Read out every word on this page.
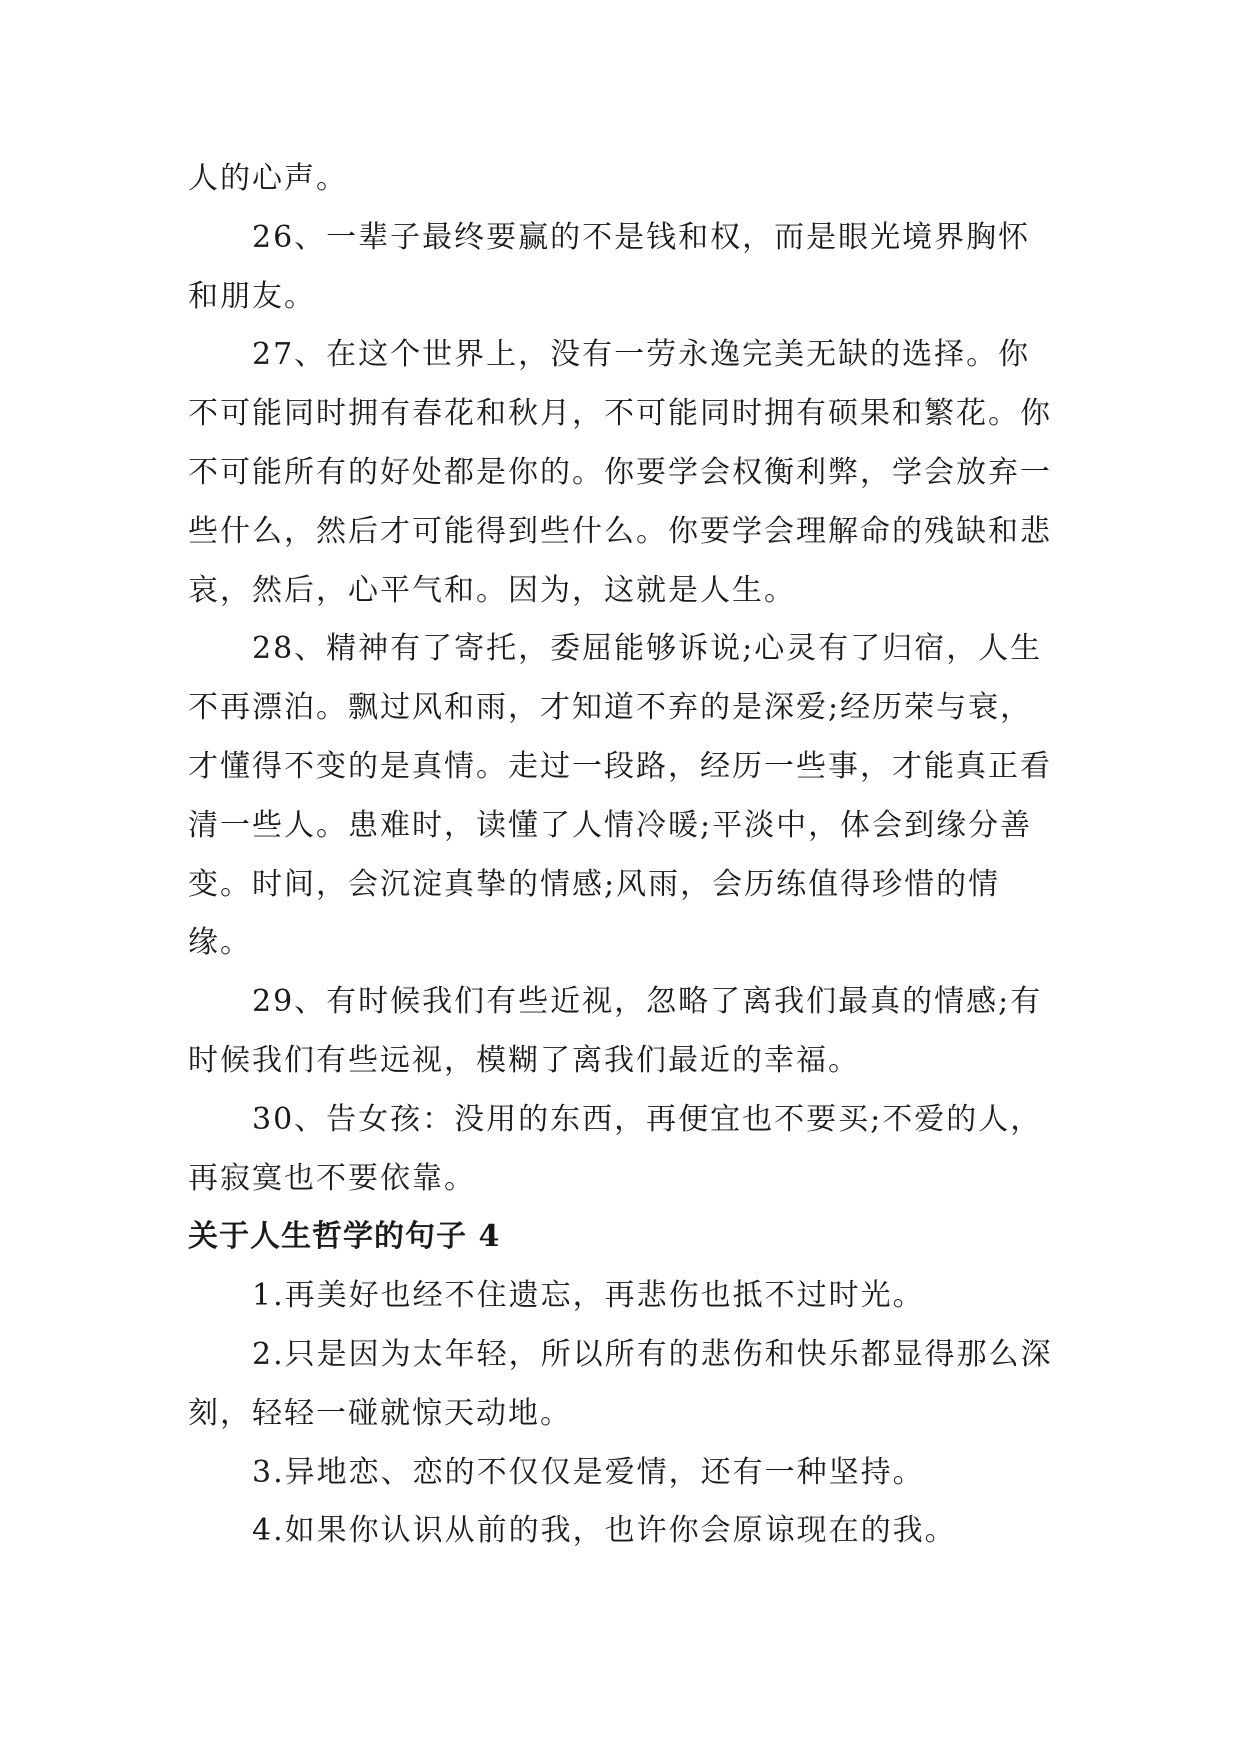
人的心声。

26、一辈子最终要赢的不是钱和权，而是眼光境界胸怀和朋友。

27、在这个世界上，没有一劳永逸完美无缺的选择。你不可能同时拥有春花和秋月，不可能同时拥有硕果和繁花。你不可能所有的好处都是你的。你要学会权衡利弊，学会放弃一些什么，然后才可能得到些什么。你要学会理解命的残缺和悲哀，然后，心平气和。因为，这就是人生。

28、精神有了寄托，委屈能够诉说;心灵有了归宿，人生不再漂泊。飘过风和雨，才知道不弃的是深爱;经历荣与衰，才懂得不变的是真情。走过一段路，经历一些事，才能真正看清一些人。患难时，读懂了人情冷暖;平淡中，体会到缘分善变。时间，会沉淀真挚的情感;风雨，会历练值得珍惜的情缘。

29、有时候我们有些近视，忽略了离我们最真的情感;有时候我们有些远视，模糊了离我们最近的幸福。

30、告女孩：没用的东西，再便宜也不要买;不爱的人，再寂寞也不要依靠。

关于人生哲学的句子 4

1.再美好也经不住遗忘，再悲伤也抵不过时光。

2.只是因为太年轻，所以所有的悲伤和快乐都显得那么深刻，轻轻一碰就惊天动地。

3.异地恋、恋的不仅仅是爱情，还有一种坚持。

4.如果你认识从前的我，也许你会原谅现在的我。
